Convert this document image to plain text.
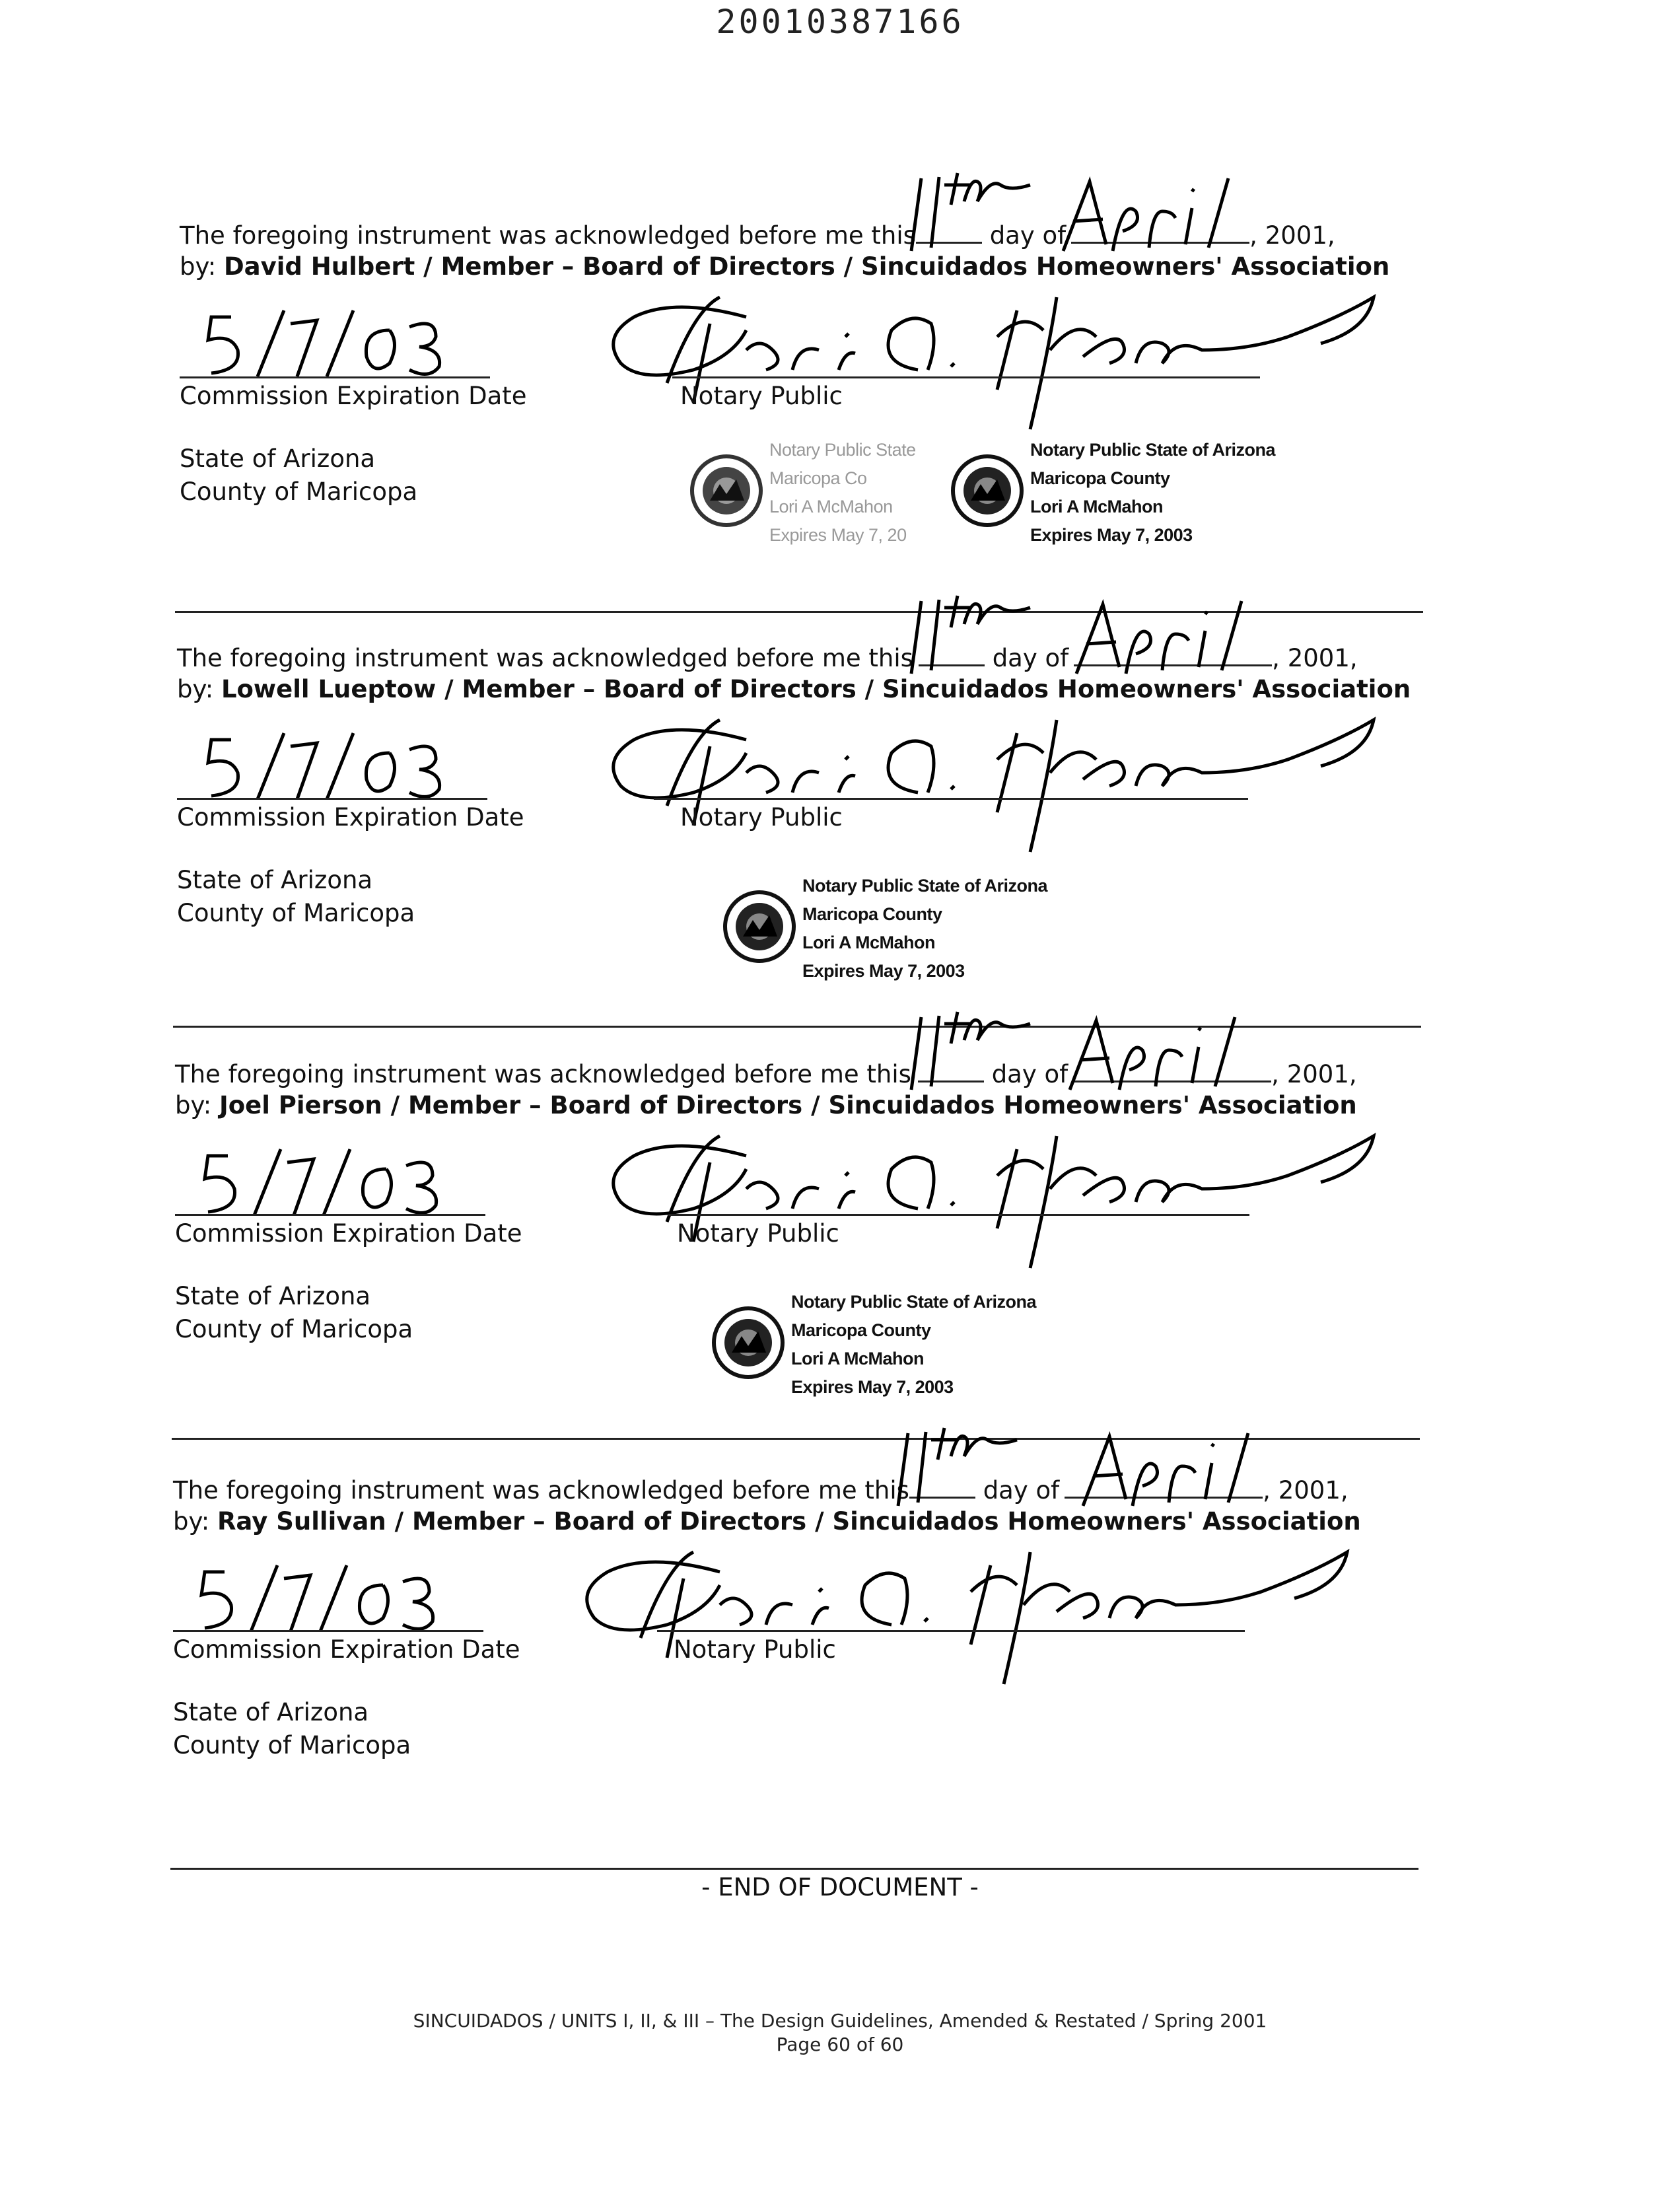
20010387166
The foregoing instrument was acknowledged before me this	day of	, 2001,
by: David Hulbert / Member – Board of Directors / Sincuidados Homeowners' Association
Commission Expiration Date	Notary Public
State of Arizona
County of Maricopa
Notary Public State
Maricopa Co
Lori A McMahon
Expires May 7, 20
Notary Public State of Arizona
Maricopa County
Lori A McMahon
Expires May 7, 2003
The foregoing instrument was acknowledged before me this	day of	, 2001,
by: Lowell Lueptow / Member – Board of Directors / Sincuidados Homeowners' Association
Commission Expiration Date	Notary Public
State of Arizona
County of Maricopa
Notary Public State of Arizona
Maricopa County
Lori A McMahon
Expires May 7, 2003
The foregoing instrument was acknowledged before me this	day of	, 2001,
by: Joel Pierson / Member – Board of Directors / Sincuidados Homeowners' Association
Commission Expiration Date	Notary Public
State of Arizona
County of Maricopa
Notary Public State of Arizona
Maricopa County
Lori A McMahon
Expires May 7, 2003
The foregoing instrument was acknowledged before me this	day of	, 2001,
by: Ray Sullivan / Member – Board of Directors / Sincuidados Homeowners' Association
Commission Expiration Date	Notary Public
State of Arizona
County of Maricopa
- END OF DOCUMENT -
SINCUIDADOS / UNITS I, II, & III – The Design Guidelines, Amended & Restated / Spring 2001
Page 60 of 60
